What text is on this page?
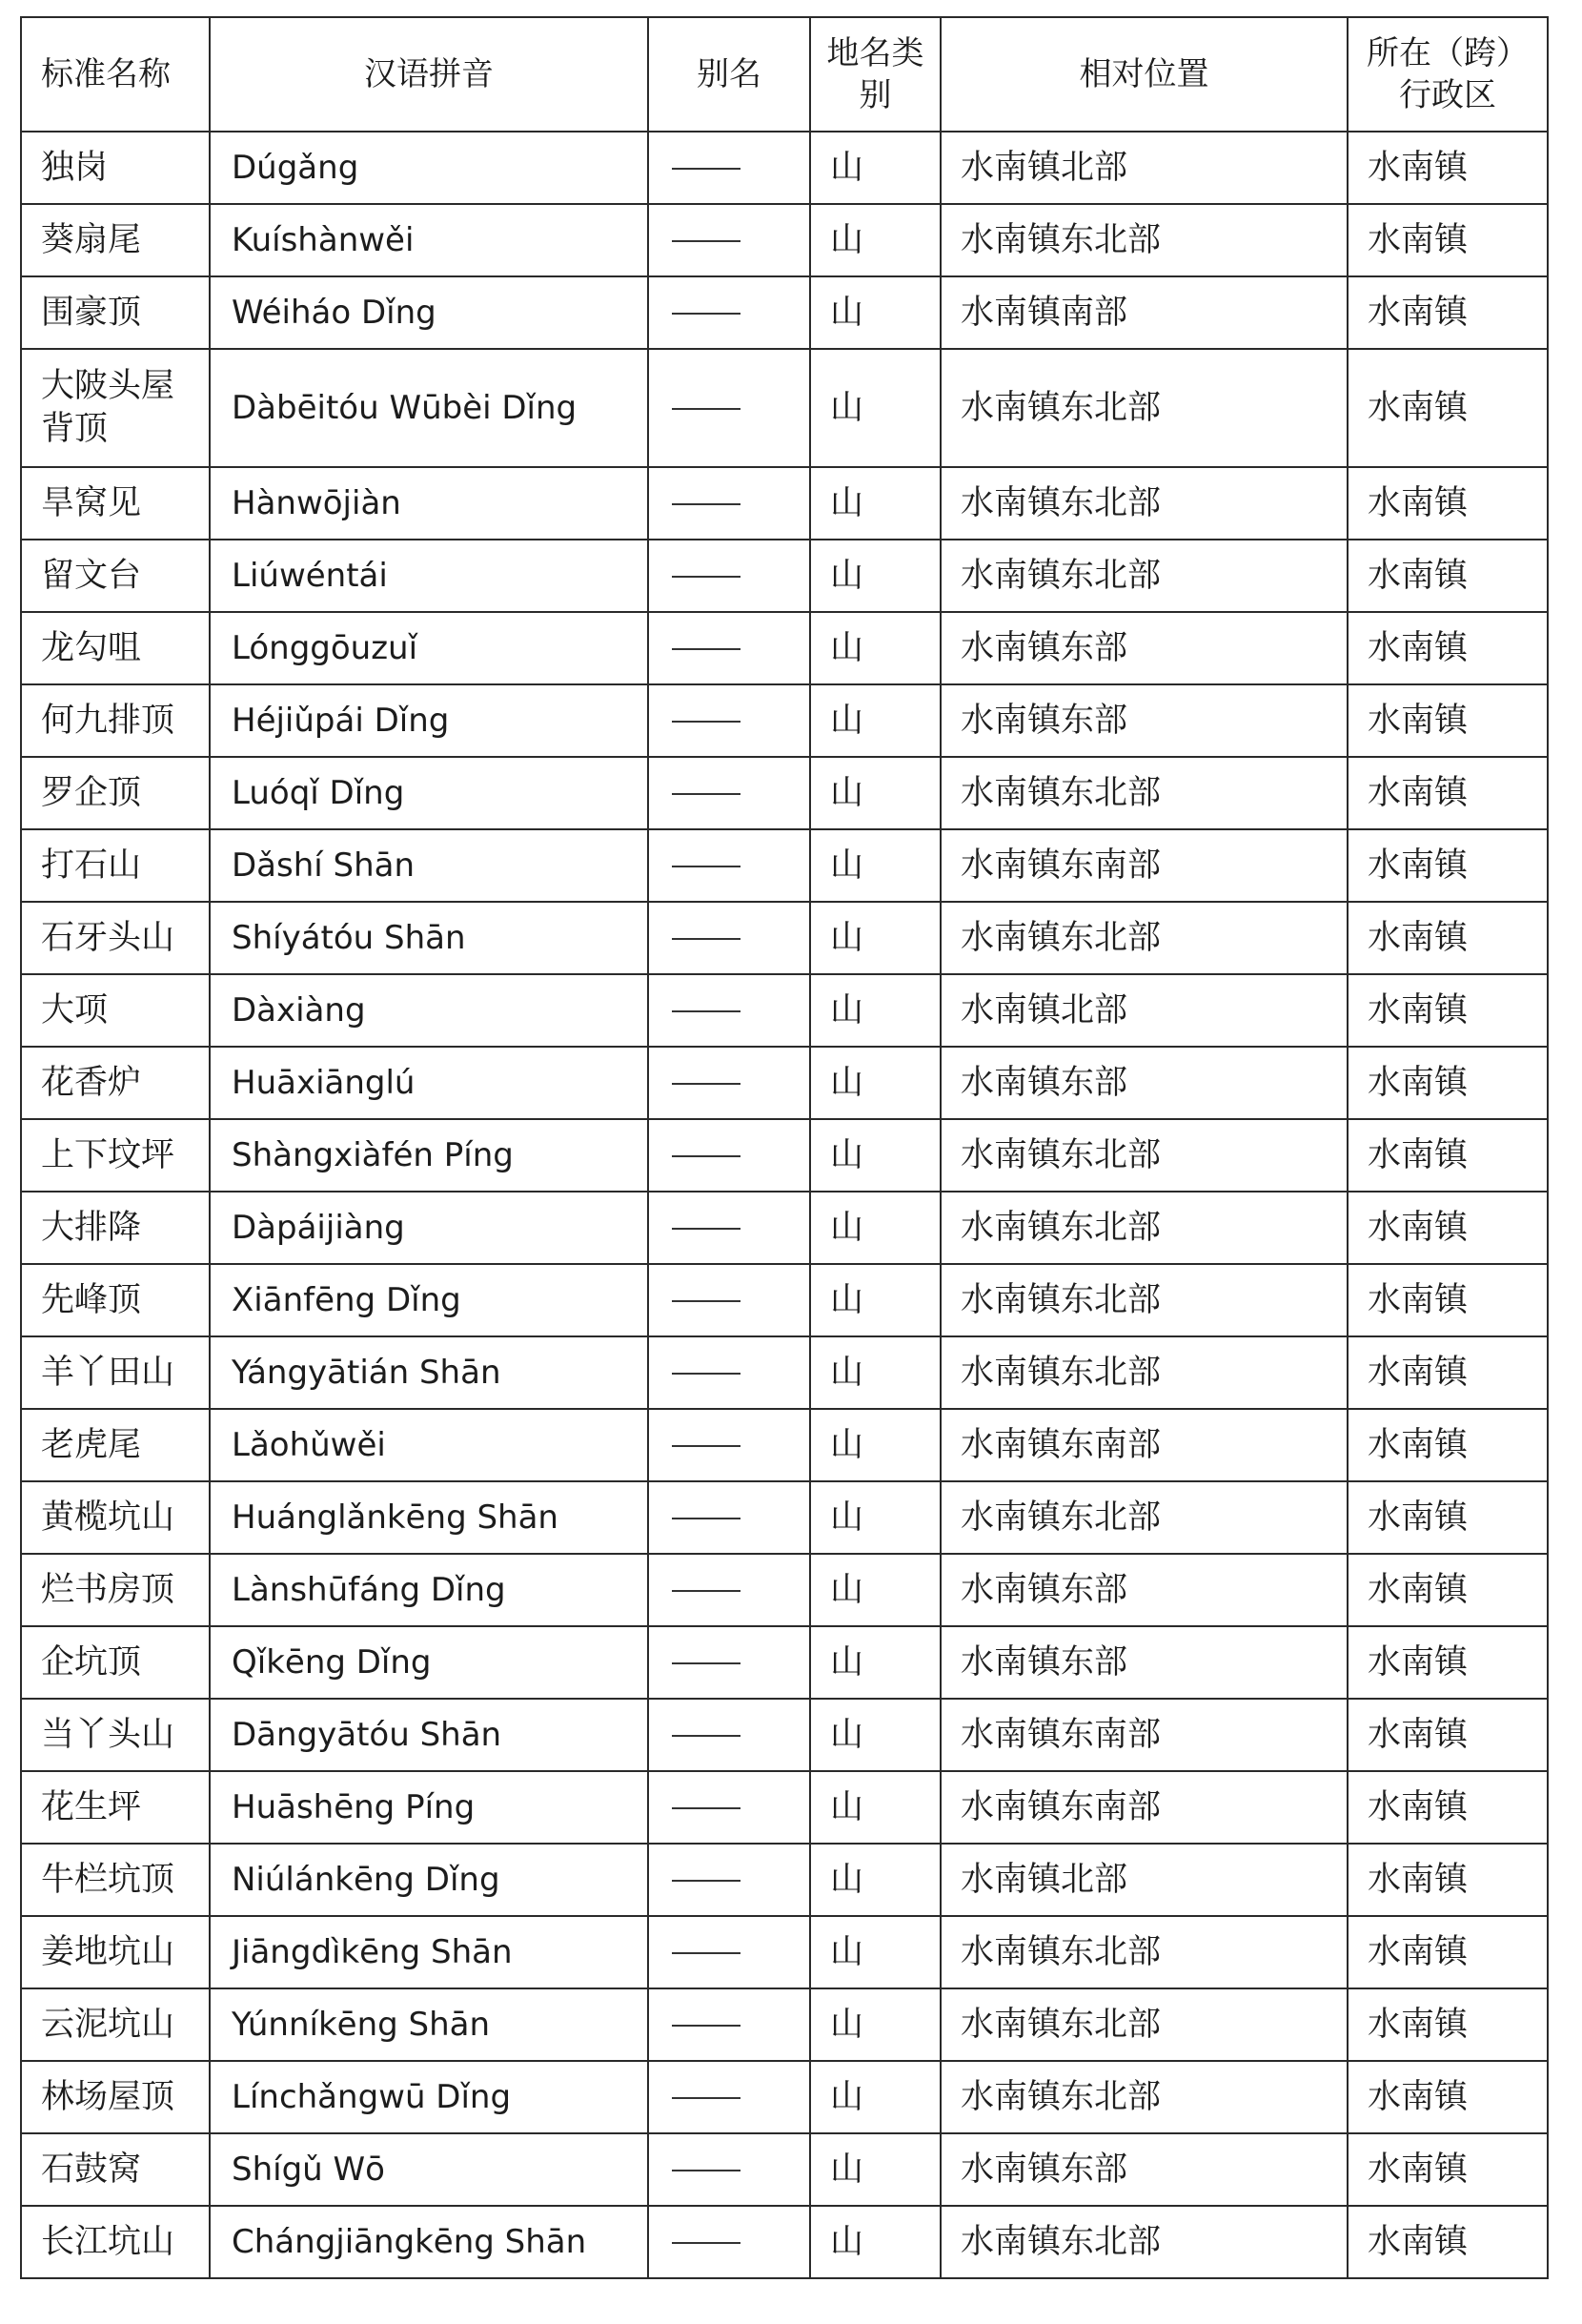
标准名称	汉语拼音	别名	地名类别	相对位置	所在（跨）行政区
独岗	Dúgǎng		山	水南镇北部	水南镇
葵扇尾	Kuíshànwěi		山	水南镇东北部	水南镇
围豪顶	Wéiháo Dǐng		山	水南镇南部	水南镇
大陂头屋背顶	Dàbēitóu Wūbèi Dǐng		山	水南镇东北部	水南镇
旱窝见	Hànwōjiàn		山	水南镇东北部	水南镇
留文台	Liúwéntái		山	水南镇东北部	水南镇
龙勾咀	Lónggōuzuǐ		山	水南镇东部	水南镇
何九排顶	Héjiǔpái Dǐng		山	水南镇东部	水南镇
罗企顶	Luóqǐ Dǐng		山	水南镇东北部	水南镇
打石山	Dǎshí Shān		山	水南镇东南部	水南镇
石牙头山	Shíyátóu Shān		山	水南镇东北部	水南镇
大项	Dàxiàng		山	水南镇北部	水南镇
花香炉	Huāxiānglú		山	水南镇东部	水南镇
上下坟坪	Shàngxiàfén Píng		山	水南镇东北部	水南镇
大排降	Dàpáijiàng		山	水南镇东北部	水南镇
先峰顶	Xiānfēng Dǐng		山	水南镇东北部	水南镇
羊丫田山	Yángyātián Shān		山	水南镇东北部	水南镇
老虎尾	Lǎohǔwěi		山	水南镇东南部	水南镇
黄榄坑山	Huánglǎnkēng Shān		山	水南镇东北部	水南镇
烂书房顶	Lànshūfáng Dǐng		山	水南镇东部	水南镇
企坑顶	Qǐkēng Dǐng		山	水南镇东部	水南镇
当丫头山	Dāngyātóu Shān		山	水南镇东南部	水南镇
花生坪	Huāshēng Píng		山	水南镇东南部	水南镇
牛栏坑顶	Niúlánkēng Dǐng		山	水南镇北部	水南镇
姜地坑山	Jiāngdìkēng Shān		山	水南镇东北部	水南镇
云泥坑山	Yúnníkēng Shān		山	水南镇东北部	水南镇
林场屋顶	Línchǎngwū Dǐng		山	水南镇东北部	水南镇
石鼓窝	Shígǔ Wō		山	水南镇东部	水南镇
长江坑山	Chángjiāngkēng Shān		山	水南镇东北部	水南镇
